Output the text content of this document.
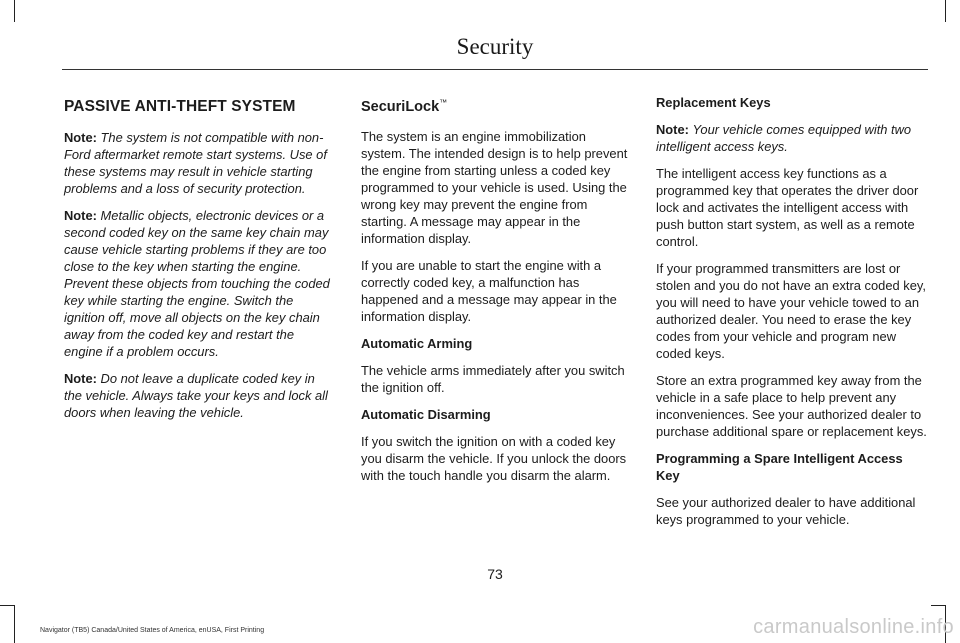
Security
PASSIVE ANTI-THEFT SYSTEM

Note: The system is not compatible with non-Ford aftermarket remote start systems. Use of these systems may result in vehicle starting problems and a loss of security protection.

Note: Metallic objects, electronic devices or a second coded key on the same key chain may cause vehicle starting problems if they are too close to the key when starting the engine. Prevent these objects from touching the coded key while starting the engine. Switch the ignition off, move all objects on the key chain away from the coded key and restart the engine if a problem occurs.

Note: Do not leave a duplicate coded key in the vehicle. Always take your keys and lock all doors when leaving the vehicle.

SecuriLock™

The system is an engine immobilization system. The intended design is to help prevent the engine from starting unless a coded key programmed to your vehicle is used. Using the wrong key may prevent the engine from starting. A message may appear in the information display.

If you are unable to start the engine with a correctly coded key, a malfunction has happened and a message may appear in the information display.

Automatic Arming

The vehicle arms immediately after you switch the ignition off.

Automatic Disarming

If you switch the ignition on with a coded key you disarm the vehicle. If you unlock the doors with the touch handle you disarm the alarm.

Replacement Keys

Note: Your vehicle comes equipped with two intelligent access keys.

The intelligent access key functions as a programmed key that operates the driver door lock and activates the intelligent access with push button start system, as well as a remote control.

If your programmed transmitters are lost or stolen and you do not have an extra coded key, you will need to have your vehicle towed to an authorized dealer. You need to erase the key codes from your vehicle and program new coded keys.

Store an extra programmed key away from the vehicle in a safe place to help prevent any inconveniences. See your authorized dealer to purchase additional spare or replacement keys.

Programming a Spare Intelligent Access Key

See your authorized dealer to have additional keys programmed to your vehicle.

73
Navigator (TB5) Canada/United States of America, enUSA, First Printing	carmanualsonline.info
